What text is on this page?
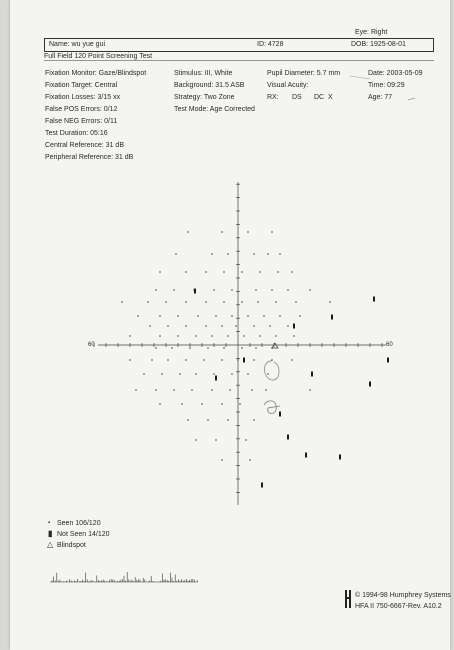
Eye: Right
Name: wu yue gui	ID: 4728	DOB: 1925-08-01
Full Field 120 Point Screening Test
Fixation Monitor: Gaze/Blindspot
Fixation Target: Central
Fixation Losses: 3/15 xx
False POS Errors: 0/12
False NEG Errors: 0/11
Test Duration: 05:16
Stimulus: III, White
Background: 31.5 ASB
Strategy: Two Zone
Test Mode: Age Corrected
Pupil Diameter: 5.7 mm
Visual Acuity:
RX: DS DC X
Date: 2003-05-09
Time: 09:29
Age: 77
Central Reference: 31 dB
Peripheral Reference: 31 dB
60	60
▪ Seen 106/120
▮ Not Seen 14/120
△ Blindspot
© 1994-98 Humphrey Systems
HFA II 750-6667-Rev. A10.2
